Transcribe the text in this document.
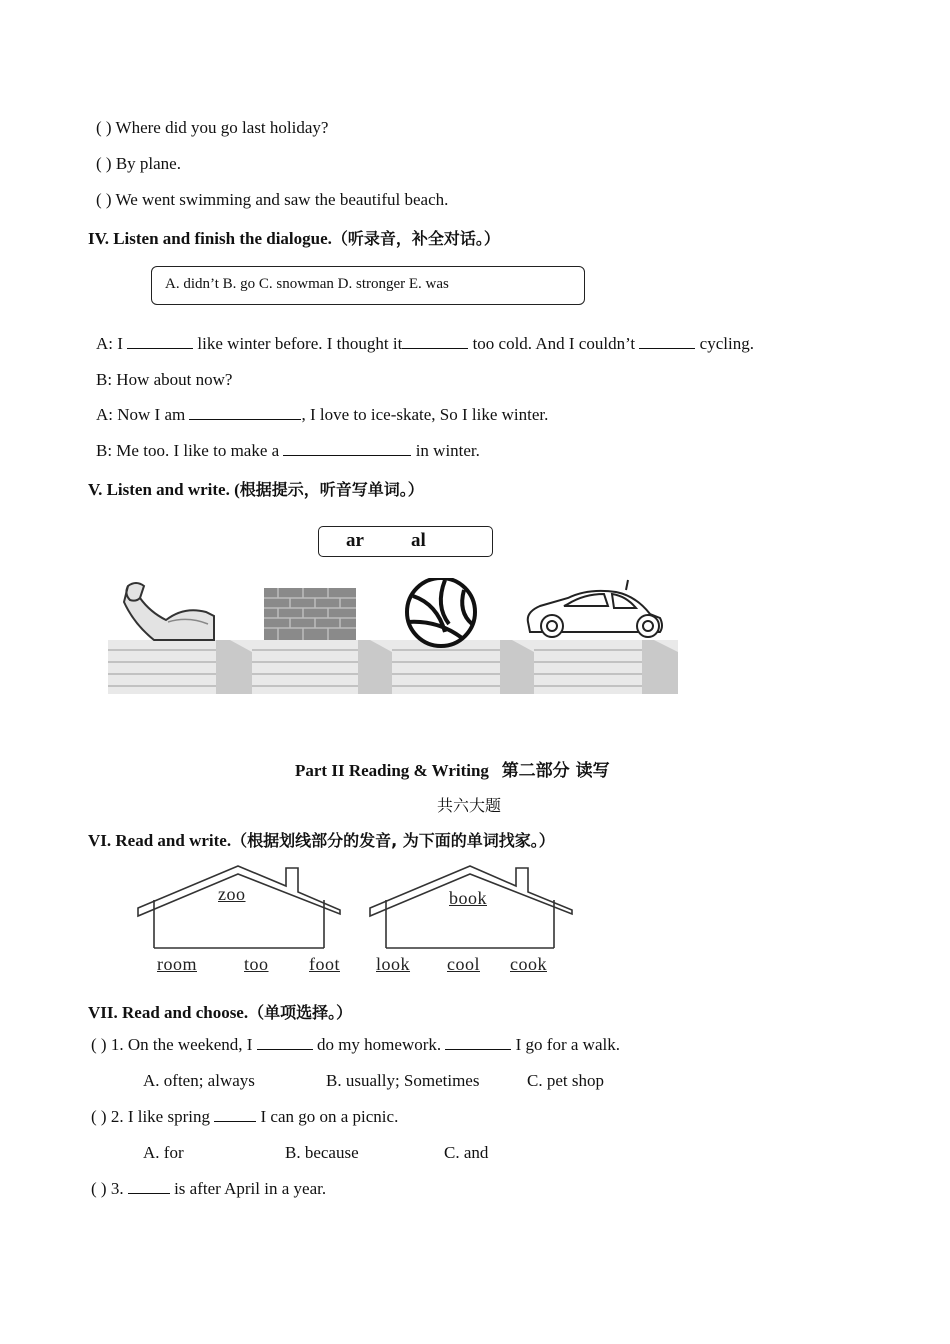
( ) Where did you go last holiday?
( ) By plane.
( ) We went swimming and saw the beautiful beach.
IV. Listen and finish the dialogue.（听录音，补全对话。）
A. didn’t B. go C. snowman D. stronger E. was
A: I	like winter before. I thought it	too cold. And I couldn’t	cycling.
B: How about now?
A: Now I am	, I love to ice-skate, So I like winter.
B: Me too. I like to make a	in winter.
V. Listen and write. (根据提示，听音写单词。）
ar al
Part II Reading & Writing 第二部分 读写
共六大题
VI. Read and write.（根据划线部分的发音, 为下面的单词找家。）
zoo	book
room	too foot look cool cook
VII. Read and choose.（单项选择。）
( ) 1. On the weekend, I	do my homework.	I go for a walk.
A. often; always	B. usually; Sometimes	C. pet shop
( ) 2. I like spring	I can go on a picnic.
A. for	B. because	C. and
( ) 3.	is after April in a year.
